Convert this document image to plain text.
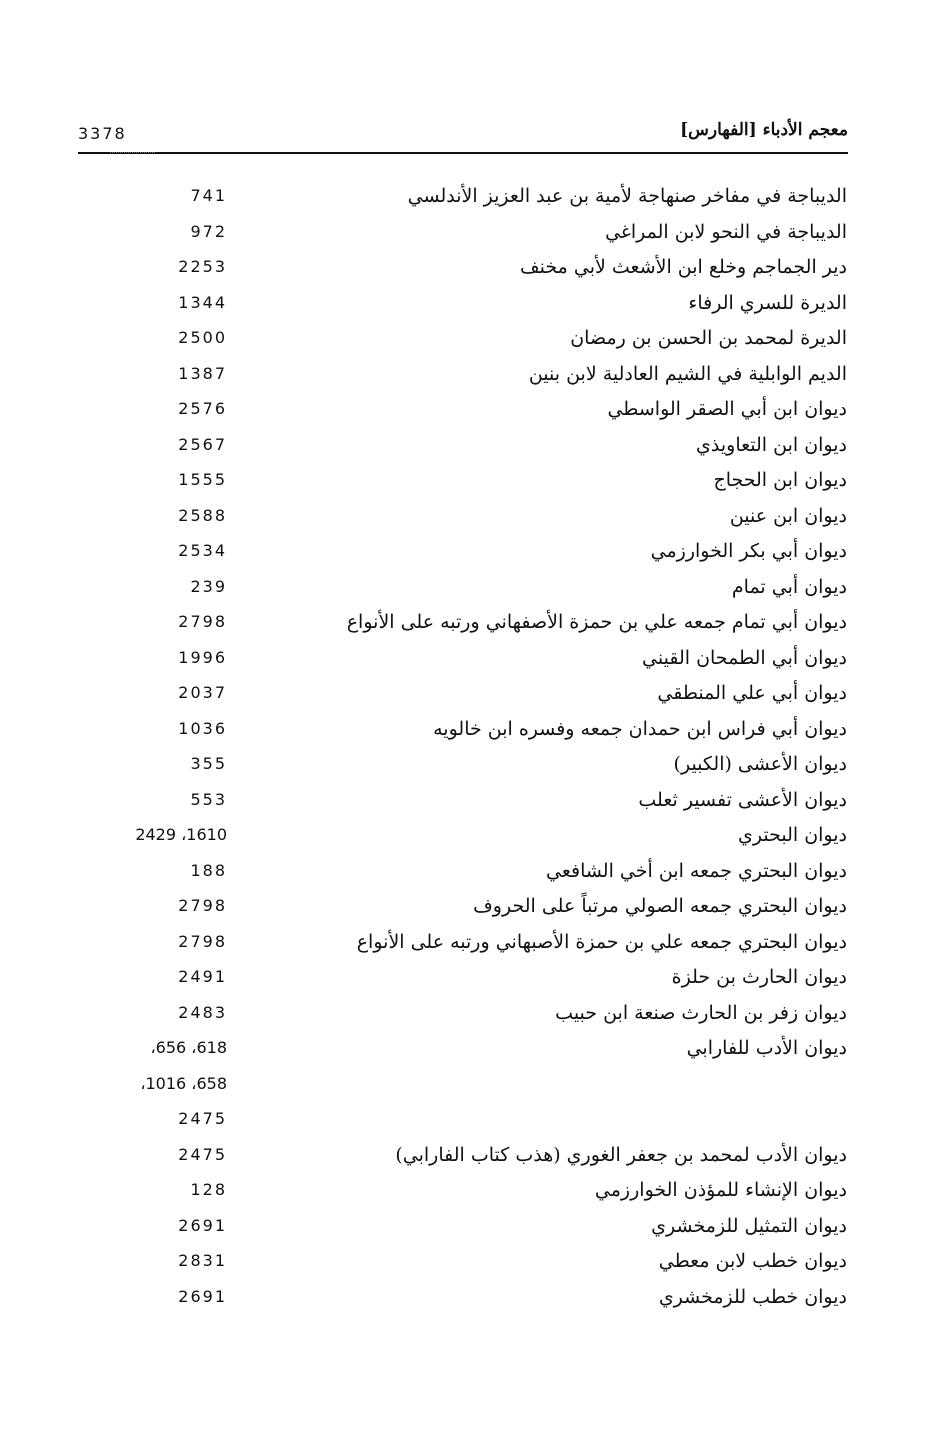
3378	معجم الأدباء [الفهارس]
الديباجة في مفاخر صنهاجة لأمية بن عبد العزيز الأندلسي
741
الديباجة في النحو لابن المراغي
972
دير الجماجم وخلع ابن الأشعث لأبي مخنف
2253
الديرة للسري الرفاء
1344
الديرة لمحمد بن الحسن بن رمضان
2500
الديم الوابلية في الشيم العادلية لابن بنين
1387
ديوان ابن أبي الصقر الواسطي
2576
ديوان ابن التعاويذي
2567
ديوان ابن الحجاج
1555
ديوان ابن عنين
2588
ديوان أبي بكر الخوارزمي
2534
ديوان أبي تمام
239
ديوان أبي تمام جمعه علي بن حمزة الأصفهاني ورتبه على الأنواع
2798
ديوان أبي الطمحان القيني
1996
ديوان أبي علي المنطقي
2037
ديوان أبي فراس ابن حمدان جمعه وفسره ابن خالويه
1036
ديوان الأعشى (الكبير)
355
ديوان الأعشى تفسير ثعلب
553
ديوان البحتري
1610، 2429
ديوان البحتري جمعه ابن أخي الشافعي
188
ديوان البحتري جمعه الصولي مرتباً على الحروف
2798
ديوان البحتري جمعه علي بن حمزة الأصبهاني ورتبه على الأنواع
2798
ديوان الحارث بن حلزة
2491
ديوان زفر بن الحارث صنعة ابن حبيب
2483
ديوان الأدب للفارابي
618، 656،
658، 1016،
2475
ديوان الأدب لمحمد بن جعفر الغوري (هذب كتاب الفارابي)
2475
ديوان الإنشاء للمؤذن الخوارزمي
128
ديوان التمثيل للزمخشري
2691
ديوان خطب لابن معطي
2831
ديوان خطب للزمخشري
2691
